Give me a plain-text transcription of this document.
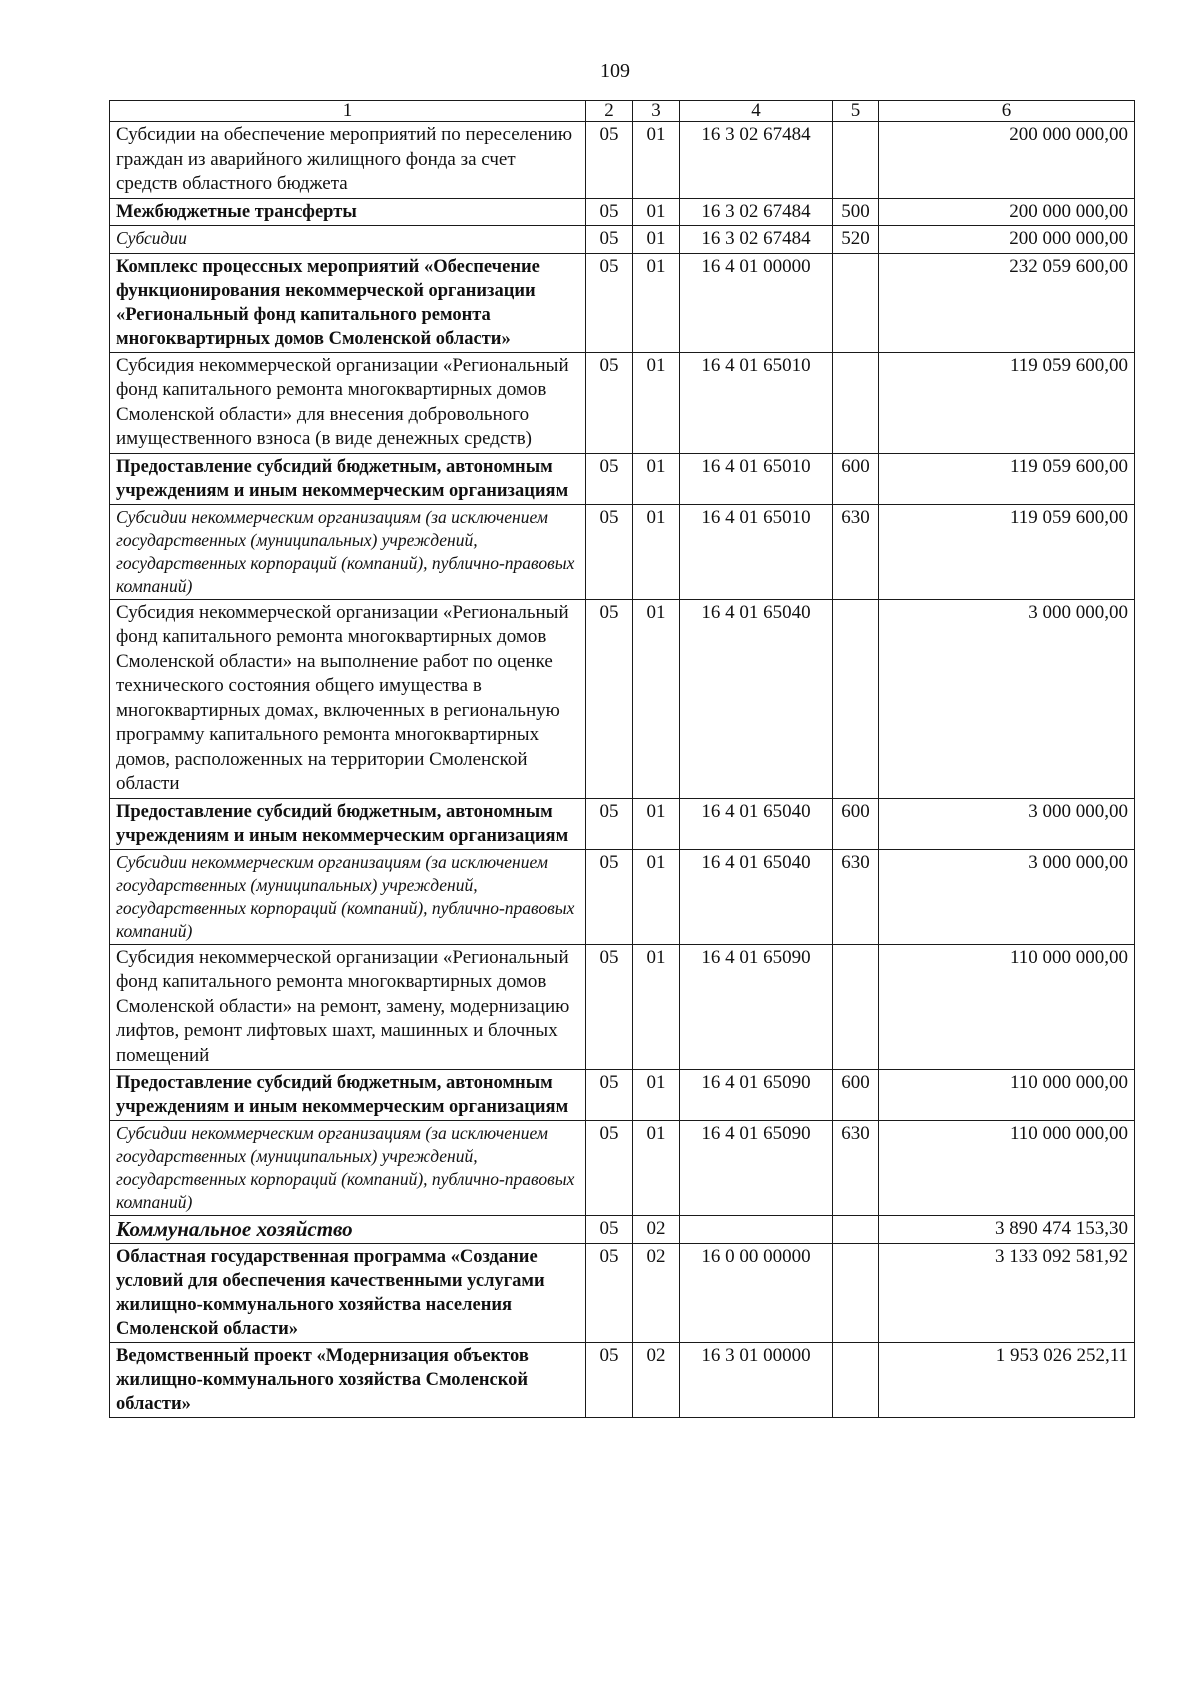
109
1	2	3	4	5	6
Субсидии на обеспечение мероприятий по переселению граждан из аварийного жилищного фонда за счет средств областного бюджета	05	01	16 3 02 67484		200 000 000,00
Межбюджетные трансферты	05	01	16 3 02 67484	500	200 000 000,00
Субсидии	05	01	16 3 02 67484	520	200 000 000,00
Комплекс процессных мероприятий «Обеспечение функционирования некоммерческой организации «Региональный фонд капитального ремонта многоквартирных домов Смоленской области»	05	01	16 4 01 00000		232 059 600,00
Субсидия некоммерческой организации «Региональный фонд капитального ремонта многоквартирных домов Смоленской области» для внесения добровольного имущественного взноса (в виде денежных средств)	05	01	16 4 01 65010		119 059 600,00
Предоставление субсидий бюджетным, автономным учреждениям и иным некоммерческим организациям	05	01	16 4 01 65010	600	119 059 600,00
Субсидии некоммерческим организациям (за исключением государственных (муниципальных) учреждений, государственных корпораций (компаний), публично-правовых компаний)	05	01	16 4 01 65010	630	119 059 600,00
Субсидия некоммерческой организации «Региональный фонд капитального ремонта многоквартирных домов Смоленской области» на выполнение работ по оценке технического состояния общего имущества в многоквартирных домах, включенных в региональную программу капитального ремонта многоквартирных домов, расположенных на территории Смоленской области	05	01	16 4 01 65040		3 000 000,00
Предоставление субсидий бюджетным, автономным учреждениям и иным некоммерческим организациям	05	01	16 4 01 65040	600	3 000 000,00
Субсидии некоммерческим организациям (за исключением государственных (муниципальных) учреждений, государственных корпораций (компаний), публично-правовых компаний)	05	01	16 4 01 65040	630	3 000 000,00
Субсидия некоммерческой организации «Региональный фонд капитального ремонта многоквартирных домов Смоленской области» на ремонт, замену, модернизацию лифтов, ремонт лифтовых шахт, машинных и блочных помещений	05	01	16 4 01 65090		110 000 000,00
Предоставление субсидий бюджетным, автономным учреждениям и иным некоммерческим организациям	05	01	16 4 01 65090	600	110 000 000,00
Субсидии некоммерческим организациям (за исключением государственных (муниципальных) учреждений, государственных корпораций (компаний), публично-правовых компаний)	05	01	16 4 01 65090	630	110 000 000,00
Коммунальное хозяйство	05	02			3 890 474 153,30
Областная государственная программа «Создание условий для обеспечения качественными услугами жилищно-коммунального хозяйства населения Смоленской области»	05	02	16 0 00 00000		3 133 092 581,92
Ведомственный проект «Модернизация объектов жилищно-коммунального хозяйства Смоленской области»	05	02	16 3 01 00000		1 953 026 252,11
